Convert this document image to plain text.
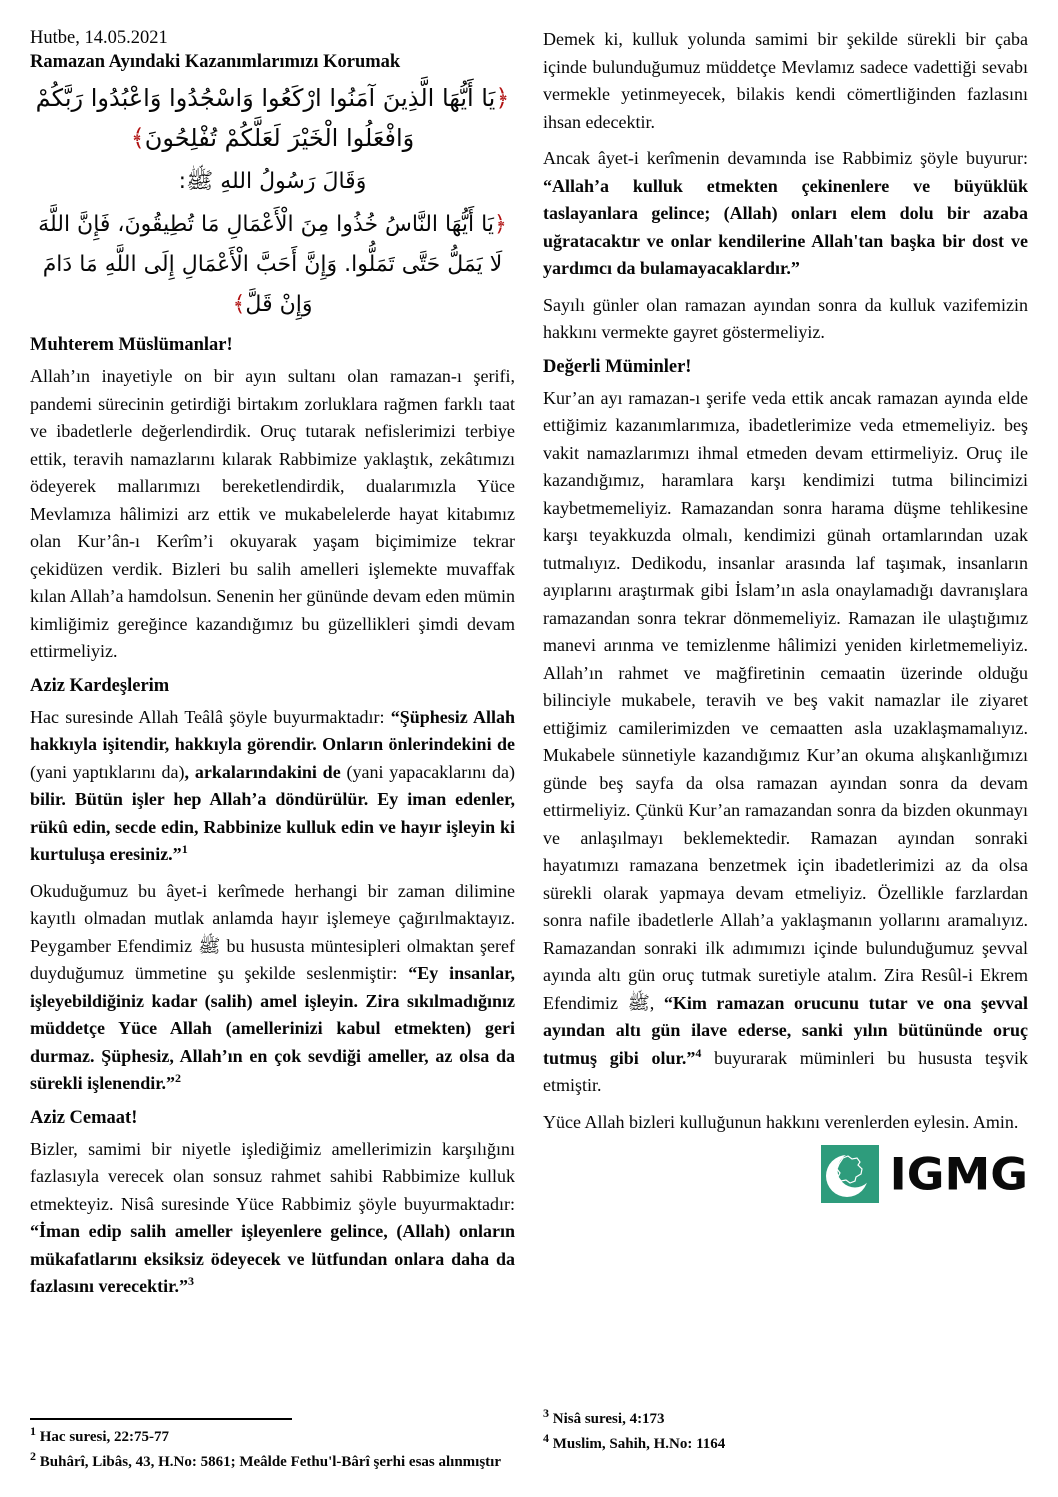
Hutbe, 14.05.2021
Ramazan Ayındaki Kazanımlarımızı Korumak
﴿يَا أَيُّهَا الَّذِينَ آمَنُوا ارْكَعُوا وَاسْجُدُوا وَاعْبُدُوا رَبَّكُمْ وَافْعَلُوا الْخَيْرَ لَعَلَّكُمْ تُفْلِحُونَ﴾
وَقَالَ رَسُولُ اللهِ ﷺ:
﴿يَا أَيُّهَا النَّاسُ خُذُوا مِنَ الْأَعْمَالِ مَا تُطِيقُونَ، فَإِنَّ اللَّهَ لَا يَمَلُّ حَتَّى تَمَلُّوا. وَإِنَّ أَحَبَّ الْأَعْمَالِ إِلَى اللَّهِ مَا دَامَ وَإِنْ قَلَّ﴾
Muhterem Müslümanlar!

Allah’ın inayetiyle on bir ayın sultanı olan ramazan-ı şerifi, pandemi sürecinin getirdiği birtakım zorluklara rağmen farklı taat ve ibadetlerle değerlendirdik. Oruç tutarak nefislerimizi terbiye ettik, teravih namazlarını kılarak Rabbimize yaklaştık, zekâtımızı ödeyerek mallarımızı bereketlendirdik, dualarımızla Yüce Mevlamıza hâlimizi arz ettik ve mukabelelerde hayat kitabımız olan Kur’ân-ı Kerîm’i okuyarak yaşam biçimimize tekrar çekidüzen verdik. Bizleri bu salih amelleri işlemekte muvaffak kılan Allah’a hamdolsun. Senenin her gününde devam eden mümin kimliğimiz gereğince kazandığımız bu güzellikleri şimdi devam ettirmeliyiz.

Aziz Kardeşlerim

Hac suresinde Allah Teâlâ şöyle buyurmaktadır: “Şüphesiz Allah hakkıyla işitendir, hakkıyla görendir. Onların önlerindekini de (yani yaptıklarını da), arkalarındakini de (yani yapacaklarını da) bilir. Bütün işler hep Allah’a döndürülür. Ey iman edenler, rükû edin, secde edin, Rabbinize kulluk edin ve hayır işleyin ki kurtuluşa eresiniz.”$^1$

Okuduğumuz bu âyet-i kerîmede herhangi bir zaman dilimine kayıtlı olmadan mutlak anlamda hayır işlemeye çağırılmaktayız. Peygamber Efendimiz ﷺ bu hususta müntesipleri olmaktan şeref duyduğumuz ümmetine şu şekilde seslenmiştir: “Ey insanlar, işleyebildiğiniz kadar (salih) amel işleyin. Zira sıkılmadığınız müddetçe Yüce Allah (amellerinizi kabul etmekten) geri durmaz. Şüphesiz, Allah’ın en çok sevdiği ameller, az olsa da sürekli işlenendir.”$^2$

Aziz Cemaat!

Bizler, samimi bir niyetle işlediğimiz amellerimizin karşılığını fazlasıyla verecek olan sonsuz rahmet sahibi Rabbimize kulluk etmekteyiz. Nisâ suresinde Yüce Rabbimiz şöyle buyurmaktadır: “İman edip salih ameller işleyenlere gelince, (Allah) onların mükafatlarını eksiksiz ödeyecek ve lütfundan onlara daha da fazlasını verecektir.”$^3$

$^1$ Hac suresi, 22:75-77
$^2$ Buhârî, Libâs, 43, H.No: 5861; Meâlde Fethu'l-Bârî şerhi esas alınmıştır

Demek ki, kulluk yolunda samimi bir şekilde sürekli bir çaba içinde bulunduğumuz müddetçe Mevlamız sadece vadettiği sevabı vermekle yetinmeyecek, bilakis kendi cömertliğinden fazlasını ihsan edecektir.

Ancak âyet-i kerîmenin devamında ise Rabbimiz şöyle buyurur: “Allah’a kulluk etmekten çekinenlere ve büyüklük taslayanlara gelince; (Allah) onları elem dolu bir azaba uğratacaktır ve onlar kendilerine Allah'tan başka bir dost ve yardımcı da bulamayacaklardır.”

Sayılı günler olan ramazan ayından sonra da kulluk vazifemizin hakkını vermekte gayret göstermeliyiz.

Değerli Müminler!

Kur’an ayı ramazan-ı şerife veda ettik ancak ramazan ayında elde ettiğimiz kazanımlarımıza, ibadetlerimize veda etmemeliyiz. beş vakit namazlarımızı ihmal etmeden devam ettirmeliyiz. Oruç ile kazandığımız, haramlara karşı kendimizi tutma bilincimizi kaybetmemeliyiz. Ramazandan sonra harama düşme tehlikesine karşı teyakkuzda olmalı, kendimizi günah ortamlarından uzak tutmalıyız. Dedikodu, insanlar arasında laf taşımak, insanların ayıplarını araştırmak gibi İslam’ın asla onaylamadığı davranışlara ramazandan sonra tekrar dönmemeliyiz. Ramazan ile ulaştığımız manevi arınma ve temizlenme hâlimizi yeniden kirletmemeliyiz. Allah’ın rahmet ve mağfiretinin cemaatin üzerinde olduğu bilinciyle mukabele, teravih ve beş vakit namazlar ile ziyaret ettiğimiz camilerimizden ve cemaatten asla uzaklaşmamalıyız. Mukabele sünnetiyle kazandığımız Kur’an okuma alışkanlığımızı günde beş sayfa da olsa ramazan ayından sonra da devam ettirmeliyiz. Çünkü Kur’an ramazandan sonra da bizden okunmayı ve anlaşılmayı beklemektedir. Ramazan ayından sonraki hayatımızı ramazana benzetmek için ibadetlerimizi az da olsa sürekli olarak yapmaya devam etmeliyiz. Özellikle farzlardan sonra nafile ibadetlerle Allah’a yaklaşmanın yollarını aramalıyız. Ramazandan sonraki ilk adımımızı içinde bulunduğumuz şevval ayında altı gün oruç tutmak suretiyle atalım. Zira Resûl-i Ekrem Efendimiz ﷺ, “Kim ramazan orucunu tutar ve ona şevval ayından altı gün ilave ederse, sanki yılın bütününde oruç tutmuş gibi olur.”$^4$ buyurarak müminleri bu hususta teşvik etmiştir.

Yüce Allah bizleri kulluğunun hakkını verenlerden eylesin. Amin.

IGMG
$^3$ Nisâ suresi, 4:173
$^4$ Muslim, Sahih, H.No: 1164
